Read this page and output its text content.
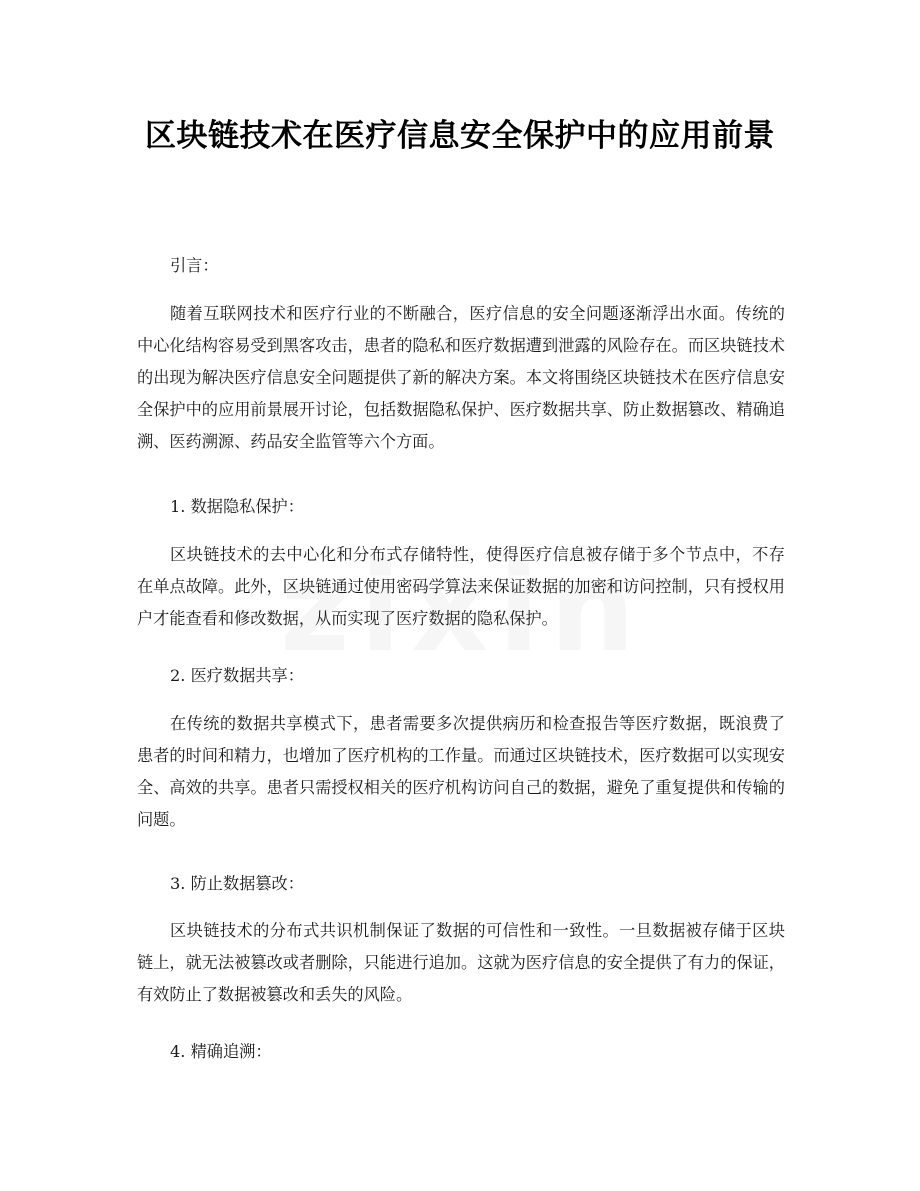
区块链技术在医疗信息安全保护中的应用前景

引言：

随着互联网技术和医疗行业的不断融合，医疗信息的安全问题逐渐浮出水面。传统的中心化结构容易受到黑客攻击，患者的隐私和医疗数据遭到泄露的风险存在。而区块链技术的出现为解决医疗信息安全问题提供了新的解决方案。本文将围绕区块链技术在医疗信息安全保护中的应用前景展开讨论，包括数据隐私保护、医疗数据共享、防止数据篡改、精确追溯、医药溯源、药品安全监管等六个方面。

1. 数据隐私保护：

区块链技术的去中心化和分布式存储特性，使得医疗信息被存储于多个节点中，不存在单点故障。此外，区块链通过使用密码学算法来保证数据的加密和访问控制，只有授权用户才能查看和修改数据，从而实现了医疗数据的隐私保护。

2. 医疗数据共享：

在传统的数据共享模式下，患者需要多次提供病历和检查报告等医疗数据，既浪费了患者的时间和精力，也增加了医疗机构的工作量。而通过区块链技术，医疗数据可以实现安全、高效的共享。患者只需授权相关的医疗机构访问自己的数据，避免了重复提供和传输的问题。

3. 防止数据篡改：

区块链技术的分布式共识机制保证了数据的可信性和一致性。一旦数据被存储于区块链上，就无法被篡改或者删除，只能进行追加。这就为医疗信息的安全提供了有力的保证，有效防止了数据被篡改和丢失的风险。

4. 精确追溯：
